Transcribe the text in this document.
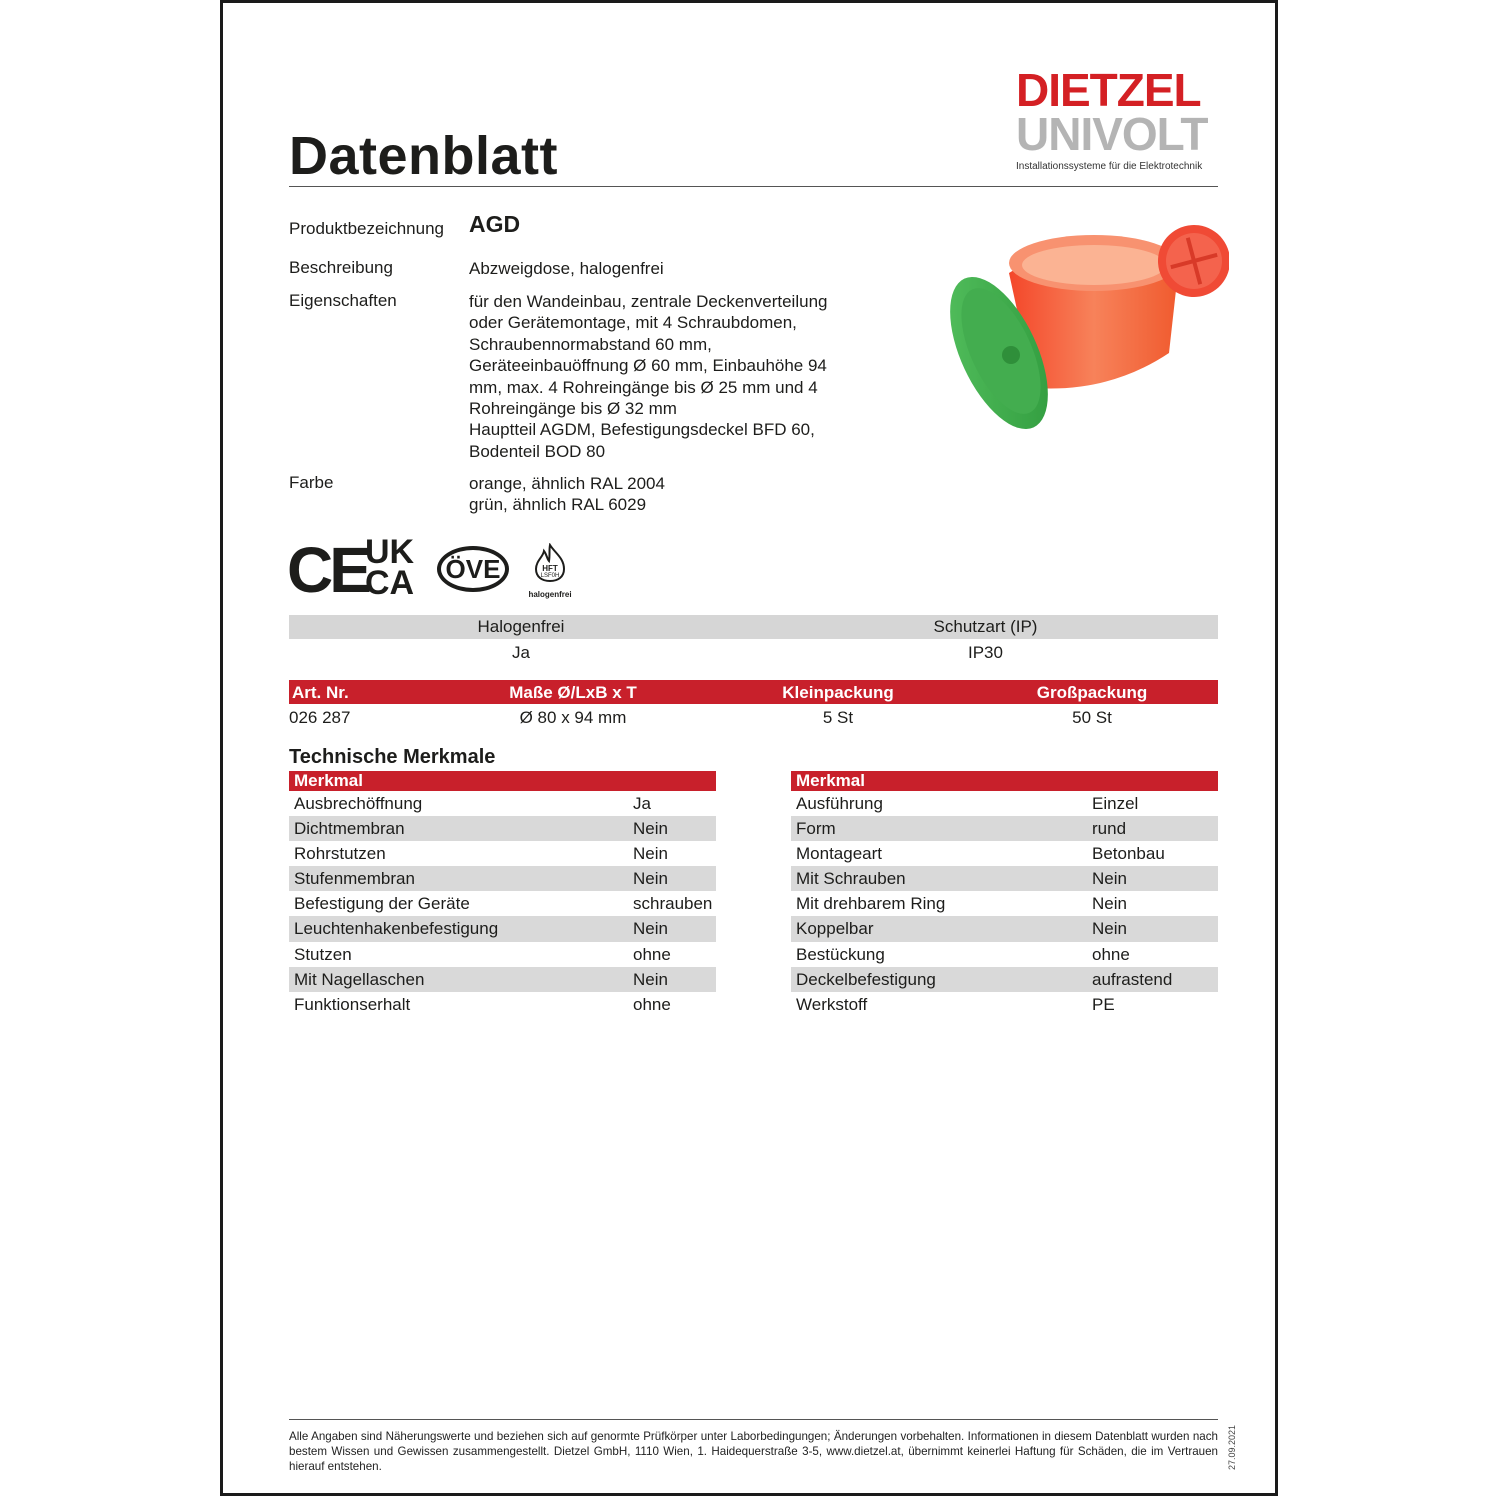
Datenblatt
DIETZEL
UNIVOLT
Installationssysteme für die Elektrotechnik
Produktbezeichnung AGD
Beschreibung	Abzweigdose, halogenfrei
Eigenschaften	für den Wandeinbau, zentrale Deckenverteilung
oder Gerätemontage, mit 4 Schraubdomen,
Schraubennormabstand 60 mm,
Geräteeinbauöffnung Ø 60 mm, Einbauhöhe 94
mm, max. 4 Rohreingänge bis Ø 25 mm und 4
Rohreingänge bis Ø 32 mm
Hauptteil AGDM, Befestigungsdeckel BFD 60,
Bodenteil BOD 80
Farbe	orange, ähnlich RAL 2004
grün, ähnlich RAL 6029
CE
UK
CA	ÖVE	HFT
LSF0H
halogenfrei
Halogenfrei	Schutzart (IP)
Ja	IP30
Art. Nr.	Maße Ø/LxB x T	Kleinpackung	Großpackung
026 287	Ø 80 x 94 mm	5 St	50 St
Technische Merkmale
Merkmal
Ausbrechöffnung	Ja
Dichtmembran	Nein
Rohrstutzen	Nein
Stufenmembran	Nein
Befestigung der Geräte	schrauben
Leuchtenhakenbefestigung	Nein
Stutzen	ohne
Mit Nagellaschen	Nein
Funktionserhalt	ohne
Merkmal
Ausführung	Einzel
Form	rund
Montageart	Betonbau
Mit Schrauben	Nein
Mit drehbarem Ring	Nein
Koppelbar	Nein
Bestückung	ohne
Deckelbefestigung	aufrastend
Werkstoff	PE
Alle Angaben sind Näherungswerte und beziehen sich auf genormte Prüfkörper unter Laborbedingungen; Änderungen vorbehalten. Informationen in diesem Datenblatt wurden nach bestem Wissen und Gewissen zusammengestellt. Dietzel GmbH, 1110 Wien, 1. Haidequerstraße 3-5, www.dietzel.at, übernimmt keinerlei Haftung für Schäden, die im Vertrauen hierauf entstehen.	27.09.2021
